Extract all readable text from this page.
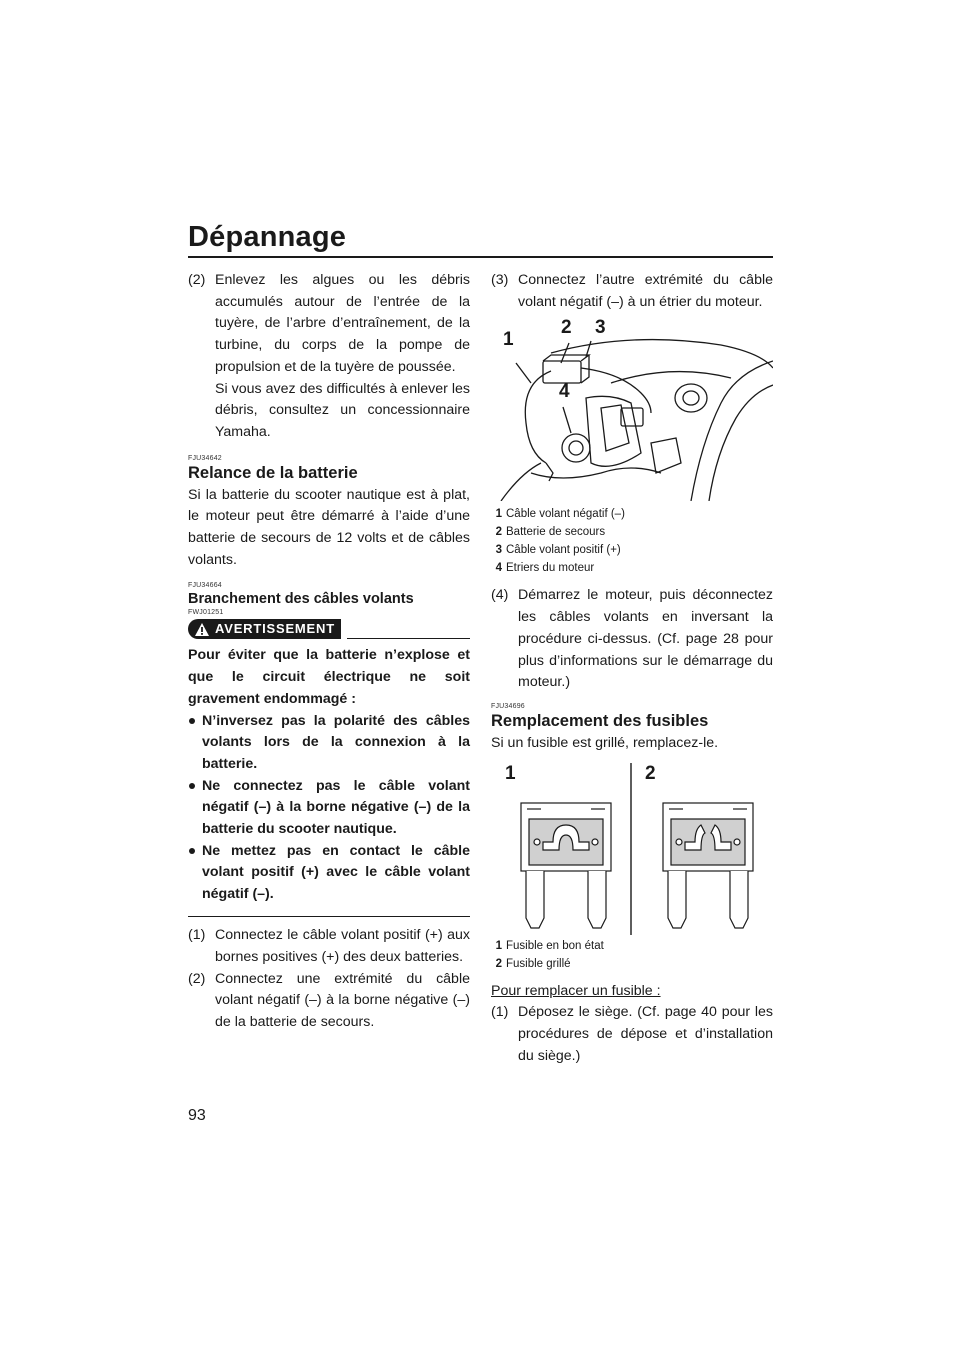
Dépannage
93
(2) Enlevez les algues ou les débris accumulés autour de l’entrée de la tuyère, de l’arbre d’entraînement, de la turbine, du corps de la pompe de propulsion et de la tuyère de poussée.

Si vous avez des difficultés à enlever les débris, consultez un concessionnaire Yamaha.

FJU34642
Relance de la batterie

Si la batterie du scooter nautique est à plat, le moteur peut être démarré à l’aide d’une batterie de secours de 12 volts et de câbles volants.

FJU34664
Branchement des câbles volants
FWJ01251
AVERTISSEMENT

Pour éviter que la batterie n’explose et que le circuit électrique ne soit gravement endommagé :

N’inversez pas la polarité des câbles volants lors de la connexion à la batterie.
Ne connectez pas le câble volant négatif (–) à la borne négative (–) de la batterie du scooter nautique.
Ne mettez pas en contact le câble volant positif (+) avec le câble volant négatif (–).
(1) Connectez le câble volant positif (+) aux bornes positives (+) des deux batteries.

(2) Connectez une extrémité du câble volant négatif (–) à la borne négative (–) de la batterie de secours.

(3) Connectez l’autre extrémité du câble volant négatif (–) à un étrier du moteur.

1
2 3
4
1 Câble volant négatif (–)
2 Batterie de secours
3 Câble volant positif (+)
4 Etriers du moteur
(4) Démarrez le moteur, puis déconnectez les câbles volants en inversant la procédure ci-dessus. (Cf. page 28 pour plus d’informations sur le démarrage du moteur.)

FJU34696
Remplacement des fusibles

Si un fusible est grillé, remplacez-le.

1	2
1 Fusible en bon état
2 Fusible grillé

Pour remplacer un fusible :

(1) Déposez le siège. (Cf. page 40 pour les procédures de dépose et d’installation du siège.)
